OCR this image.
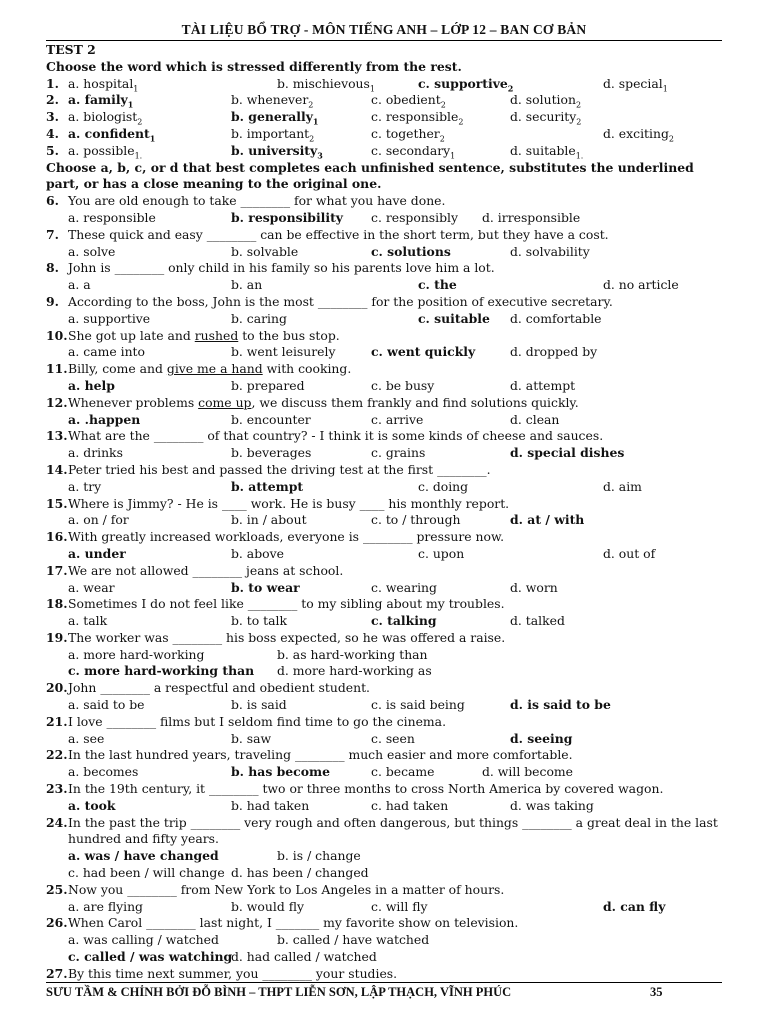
TÀI LIỆU BỔ TRỢ - MÔN TIẾNG ANH – LỚP 12 – BAN CƠ BẢN
TEST 2
Choose the word which is stressed differently from the rest.
1. a. hospital$_1$	b. mischievous$_1$	c. supportive$_2$	d. special$_1$
2. a. family$_1$	b. whenever$_2$	c. obedient$_2$	d. solution$_2$
3. a. biologist$_2$	b. generally$_1$	c. responsible$_2$	d. security$_2$
4. a. confident$_1$	b. important$_2$	c. together$_2$	d. exciting$_2$
5. a. possible$_{1.}$	b. university$_3$	c. secondary$_1$	d. suitable$_{1.}$
Choose a, b, c, or d that best completes each unfinished sentence, substitutes the underlined part, or has a close meaning to the original one.
6. You are old enough to take ________ for what you have done.
a. responsible	b. responsibility c. responsibly d. irresponsible
7. These quick and easy ________ can be effective in the short term, but they have a cost.
a. solve	b. solvable	c. solutions	d. solvability
8. John is ________ only child in his family so his parents love him a lot.
a. a	b. an	c. the	d. no article
9. According to the boss, John is the most ________ for the position of executive secretary.
a. supportive	b. caring	c. suitable d. comfortable
10. She got up late and rushed to the bus stop.
a. came into	b. went leisurely	c. went quickly	d. dropped by
11. Billy, come and give me a hand with cooking.
a. help	b. prepared	c. be busy	d. attempt
12. Whenever problems come up, we discuss them frankly and find solutions quickly.
a. .happen	b. encounter	c. arrive	d. clean
13. What are the ________ of that country? - I think it is some kinds of cheese and sauces.
a. drinks	b. beverages	c. grains	d. special dishes
14. Peter tried his best and passed the driving test at the first ________.
a. try	b. attempt	c. doing	d. aim
15. Where is Jimmy? - He is ____ work. He is busy ____ his monthly report.
a. on / for	b. in / about	c. to / through	d. at / with
16. With greatly increased workloads, everyone is ________ pressure now.
a. under	b. above	c. upon	d. out of
17. We are not allowed ________ jeans at school.
a. wear	b. to wear	c. wearing	d. worn
18. Sometimes I do not feel like ________ to my sibling about my troubles.
a. talk	b. to talk	c. talking	d. talked
19. The worker was ________ his boss expected, so he was offered a raise.
a. more hard-working	b. as hard-working than
c. more hard-working than d. more hard-working as
20. John ________ a respectful and obedient student.
a. said to be	b. is said	c. is said being	d. is said to be
21. I love ________ films but I seldom find time to go the cinema.
a. see	b. saw	c. seen	d. seeing
22. In the last hundred years, traveling ________ much easier and more comfortable.
a. becomes	b. has become	c. became	d. will become
23. In the 19th century, it ________ two or three months to cross North America by covered wagon.
a. took	b. had taken	c. had taken	d. was taking
24. In the past the trip ________ very rough and often dangerous, but things ________ a great deal in the last hundred and fifty years.
a. was / have changed	b. is / change
c. had been / will change d. has been / changed
25. Now you ________ from New York to Los Angeles in a matter of hours.
a. are flying	b. would fly	c. will fly	d. can fly
26. When Carol ________ last night, I _______ my favorite show on television.
a. was calling / watched	b. called / have watched
c. called / was watching
d. had called / watched
27. By this time next summer, you ________ your studies.
SƯU TẦM & CHỈNH BỞI ĐỖ BÌNH – THPT LIỄN SƠN, LẬP THẠCH, VĨNH PHÚC	35
